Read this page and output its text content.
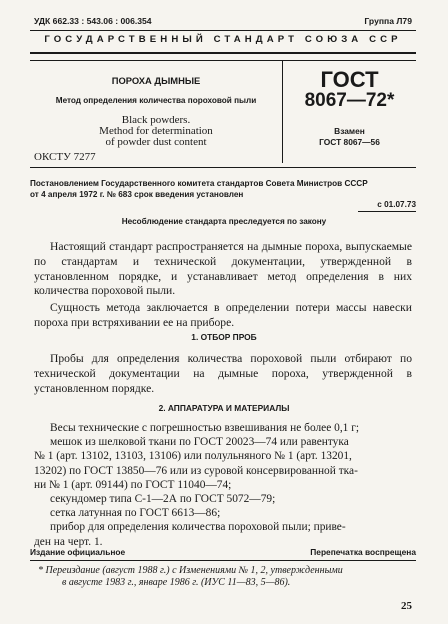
УДК 662.33 : 543.06 : 006.354	Группа Л79
ГОСУДАРСТВЕННЫЙ СТАНДАРТ СОЮЗА ССР
ПОРОХА ДЫМНЫЕ
Метод определения количества пороховой пыли
Black powders.
Method for determination
of powder dust content
ГОСТ
8067—72*
Взамен
ГОСТ 8067—56
ОКСТУ 7277
Постановлением Государственного комитета стандартов Совета Министров СССР
от 4 апреля 1972 г. № 683 срок введения установлен
с 01.07.73
Несоблюдение стандарта преследуется по закону
Настоящий стандарт распространяется на дымные пороха, выпускаемые по стандартам и технической документации, утвержденной в установленном порядке, и устанавливает метод определения в них количества пороховой пыли.
Сущность метода заключается в определении потери массы навески пороха при встряхивании ее на приборе.
1. ОТБОР ПРОБ
Пробы для определения количества пороховой пыли отбирают по технической документации на дымные пороха, утвержденной в установленном порядке.
2. АППАРАТУРА И МАТЕРИАЛЫ
Весы технические с погрешностью взвешивания не более 0,1 г;
мешок из шелковой ткани по ГОСТ 20023—74 или равентука
№ 1 (арт. 13102, 13103, 13106) или полульняного № 1 (арт. 13201,
13202) по ГОСТ 13850—76 или из суровой консервированной тка-
ни № 1 (арт. 09144) по ГОСТ 11040—74;
секундомер типа С-1—2А по ГОСТ 5072—79;
сетка латунная по ГОСТ 6613—86;
прибор для определения количества пороховой пыли; приве-
ден на черт. 1.
Издание официальное	Перепечатка воспрещена
* Переиздание (август 1988 г.) с Изменениями № 1, 2, утвержденными
в августе 1983 г., январе 1986 г. (ИУС 11—83, 5—86).
25
